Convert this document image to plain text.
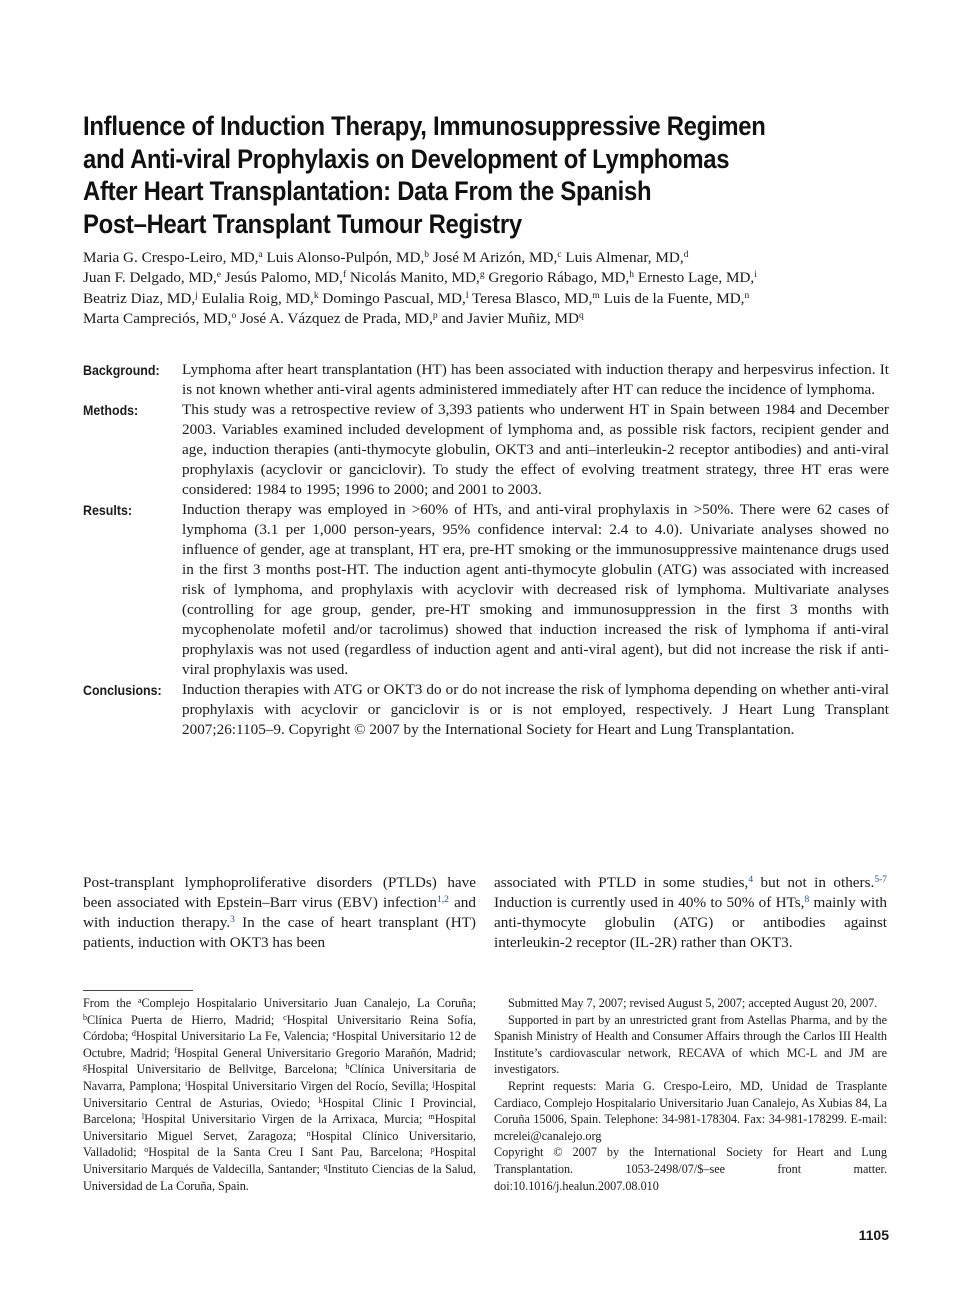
Influence of Induction Therapy, Immunosuppressive Regimen
and Anti-viral Prophylaxis on Development of Lymphomas
After Heart Transplantation: Data From the Spanish
Post–Heart Transplant Tumour Registry
Maria G. Crespo-Leiro, MD,$^a$ Luis Alonso-Pulpón, MD,$^b$ José M Arizón, MD,$^c$ Luis Almenar, MD,$^d$
Juan F. Delgado, MD,$^e$ Jesús Palomo, MD,$^f$ Nicolás Manito, MD,$^g$ Gregorio Rábago, MD,$^h$ Ernesto Lage, MD,$^i$
Beatriz Diaz, MD,$^j$ Eulalia Roig, MD,$^k$ Domingo Pascual, MD,$^l$ Teresa Blasco, MD,$^m$ Luis de la Fuente, MD,$^n$
Marta Campreciós, MD,$^o$ José A. Vázquez de Prada, MD,$^p$ and Javier Muñiz, $MD^q$
Background:	Lymphoma after heart transplantation (HT) has been associated with induction therapy and herpesvirus infection. It is not known whether anti-viral agents administered immediately after HT can reduce the incidence of lymphoma.
Methods:	This study was a retrospective review of 3,393 patients who underwent HT in Spain between 1984 and December 2003. Variables examined included development of lymphoma and, as possible risk factors, recipient gender and age, induction therapies (anti-thymocyte globulin, OKT3 and anti–interleukin-2 receptor antibodies) and anti-viral prophylaxis (acyclovir or ganciclovir). To study the effect of evolving treatment strategy, three HT eras were considered: 1984 to 1995; 1996 to 2000; and 2001 to 2003.
Results:	Induction therapy was employed in >60% of HTs, and anti-viral prophylaxis in >50%. There were 62 cases of lymphoma (3.1 per 1,000 person-years, 95% confidence interval: 2.4 to 4.0). Univariate analyses showed no influence of gender, age at transplant, HT era, pre-HT smoking or the immunosuppressive maintenance drugs used in the first 3 months post-HT. The induction agent anti-thymocyte globulin (ATG) was associated with increased risk of lymphoma, and prophylaxis with acyclovir with decreased risk of lymphoma. Multivariate analyses (controlling for age group, gender, pre-HT smoking and immunosuppression in the first 3 months with mycophenolate mofetil and/or tacrolimus) showed that induction increased the risk of lymphoma if anti-viral prophylaxis was not used (regardless of induction agent and anti-viral agent), but did not increase the risk if anti-viral prophylaxis was used.
Conclusions:	Induction therapies with ATG or OKT3 do or do not increase the risk of lymphoma depending on whether anti-viral prophylaxis with acyclovir or ganciclovir is or is not employed, respectively. J Heart Lung Transplant 2007;26:1105–9. Copyright © 2007 by the International Society for Heart and Lung Transplantation.
Post-transplant lymphoproliferative disorders (PTLDs) have been associated with Epstein–Barr virus (EBV) infection$^{1,2}$ and with induction therapy.$^3$ In the case of heart transplant (HT) patients, induction with OKT3 has been
associated with PTLD in some studies,$^4$ but not in others.$^{5-7}$ Induction is currently used in 40% to 50% of HTs,$^8$ mainly with anti-thymocyte globulin (ATG) or antibodies against interleukin-2 receptor (IL-2R) rather than OKT3.

From the $^a$Complejo Hospitalario Universitario Juan Canalejo, La Coruña; $^b$Clínica Puerta de Hierro, Madrid; $^c$Hospital Universitario Reina Sofía, Córdoba; $^d$Hospital Universitario La Fe, Valencia; $^e$Hospital Universitario 12 de Octubre, Madrid; $^f$Hospital General Universitario Gregorio Marañón, Madrid; $^g$Hospital Universitario de Bellvitge, Barcelona; $^h$Clínica Universitaria de Navarra, Pamplona; $^i$Hospital Universitario Virgen del Rocío, Sevilla; $^j$Hospital Universitario Central de Asturias, Oviedo; $^k$Hospital Clinic I Provincial, Barcelona; $^l$Hospital Universitario Virgen de la Arrixaca, Murcia; $^m$Hospital Universitario Miguel Servet, Zaragoza; $^n$Hospital Clínico Universitario, Valladolid; $^o$Hospital de la Santa Creu I Sant Pau, Barcelona; $^p$Hospital Universitario Marqués de Valdecilla, Santander; $^q$Instituto Ciencias de la Salud, Universidad de La Coruña, Spain.

Submitted May 7, 2007; revised August 5, 2007; accepted August 20, 2007.

Supported in part by an unrestricted grant from Astellas Pharma, and by the Spanish Ministry of Health and Consumer Affairs through the Carlos III Health Institute’s cardiovascular network, RECAVA of which MC-L and JM are investigators.

Reprint requests: Maria G. Crespo-Leiro, MD, Unidad de Trasplante Cardiaco, Complejo Hospitalario Universitario Juan Canalejo, As Xubias 84, La Coruña 15006, Spain. Telephone: 34-981-178304. Fax: 34-981-178299. E-mail: mcrelei@canalejo.org

Copyright © 2007 by the International Society for Heart and Lung Transplantation. 1053-2498/07/$–see front matter. doi:10.1016/j.healun.2007.08.010

1105
